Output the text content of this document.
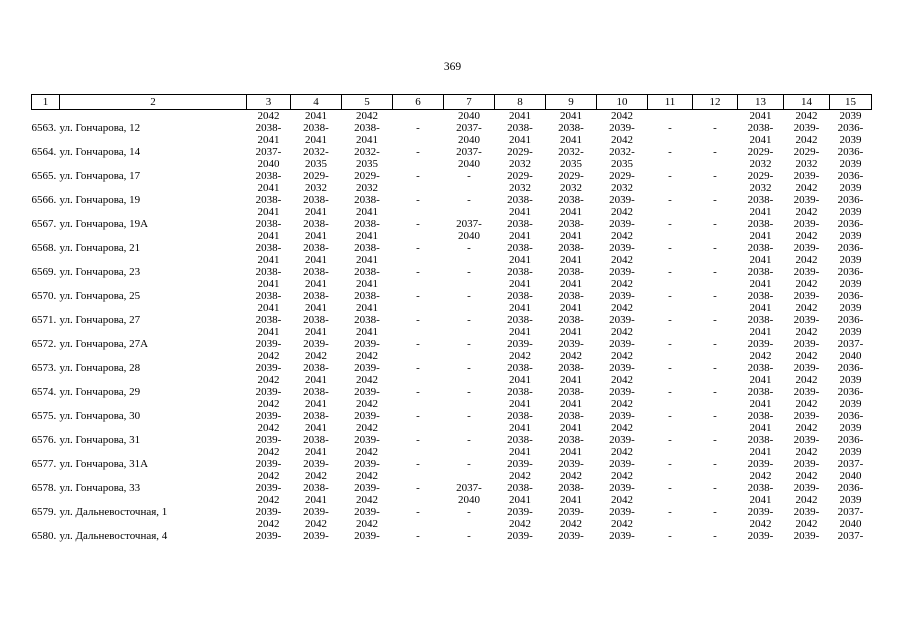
369
1	2	3	4	5	6	7	8	9	10	11	12	13	14	15
		2042	2041	2042		2040	2041	2041	2042			2041	2042	2039
6563.	ул. Гончарова, 12	2038-	2038-	2038-	-	2037-	2038-	2038-	2039-	-	-	2038-	2039-	2036-
		2041	2041	2041		2040	2041	2041	2042			2041	2042	2039
6564.	ул. Гончарова, 14	2037-	2032-	2032-	-	2037-	2029-	2032-	2032-	-	-	2029-	2029-	2036-
		2040	2035	2035		2040	2032	2035	2035			2032	2032	2039
6565.	ул. Гончарова, 17	2038-	2029-	2029-	-	-	2029-	2029-	2029-	-	-	2029-	2039-	2036-
		2041	2032	2032			2032	2032	2032			2032	2042	2039
6566.	ул. Гончарова, 19	2038-	2038-	2038-	-	-	2038-	2038-	2039-	-	-	2038-	2039-	2036-
		2041	2041	2041			2041	2041	2042			2041	2042	2039
6567.	ул. Гончарова, 19А	2038-	2038-	2038-	-	2037-	2038-	2038-	2039-	-	-	2038-	2039-	2036-
		2041	2041	2041		2040	2041	2041	2042			2041	2042	2039
6568.	ул. Гончарова, 21	2038-	2038-	2038-	-	-	2038-	2038-	2039-	-	-	2038-	2039-	2036-
		2041	2041	2041			2041	2041	2042			2041	2042	2039
6569.	ул. Гончарова, 23	2038-	2038-	2038-	-	-	2038-	2038-	2039-	-	-	2038-	2039-	2036-
		2041	2041	2041			2041	2041	2042			2041	2042	2039
6570.	ул. Гончарова, 25	2038-	2038-	2038-	-	-	2038-	2038-	2039-	-	-	2038-	2039-	2036-
		2041	2041	2041			2041	2041	2042			2041	2042	2039
6571.	ул. Гончарова, 27	2038-	2038-	2038-	-	-	2038-	2038-	2039-	-	-	2038-	2039-	2036-
		2041	2041	2041			2041	2041	2042			2041	2042	2039
6572.	ул. Гончарова, 27А	2039-	2039-	2039-	-	-	2039-	2039-	2039-	-	-	2039-	2039-	2037-
		2042	2042	2042			2042	2042	2042			2042	2042	2040
6573.	ул. Гончарова, 28	2039-	2038-	2039-	-	-	2038-	2038-	2039-	-	-	2038-	2039-	2036-
		2042	2041	2042			2041	2041	2042			2041	2042	2039
6574.	ул. Гончарова, 29	2039-	2038-	2039-	-	-	2038-	2038-	2039-	-	-	2038-	2039-	2036-
		2042	2041	2042			2041	2041	2042			2041	2042	2039
6575.	ул. Гончарова, 30	2039-	2038-	2039-	-	-	2038-	2038-	2039-	-	-	2038-	2039-	2036-
		2042	2041	2042			2041	2041	2042			2041	2042	2039
6576.	ул. Гончарова, 31	2039-	2038-	2039-	-	-	2038-	2038-	2039-	-	-	2038-	2039-	2036-
		2042	2041	2042			2041	2041	2042			2041	2042	2039
6577.	ул. Гончарова, 31А	2039-	2039-	2039-	-	-	2039-	2039-	2039-	-	-	2039-	2039-	2037-
		2042	2042	2042			2042	2042	2042			2042	2042	2040
6578.	ул. Гончарова, 33	2039-	2038-	2039-	-	2037-	2038-	2038-	2039-	-	-	2038-	2039-	2036-
		2042	2041	2042		2040	2041	2041	2042			2041	2042	2039
6579.	ул. Дальневосточная, 1	2039-	2039-	2039-	-	-	2039-	2039-	2039-	-	-	2039-	2039-	2037-
		2042	2042	2042			2042	2042	2042			2042	2042	2040
6580.	ул. Дальневосточная, 4	2039-	2039-	2039-	-	-	2039-	2039-	2039-	-	-	2039-	2039-	2037-
